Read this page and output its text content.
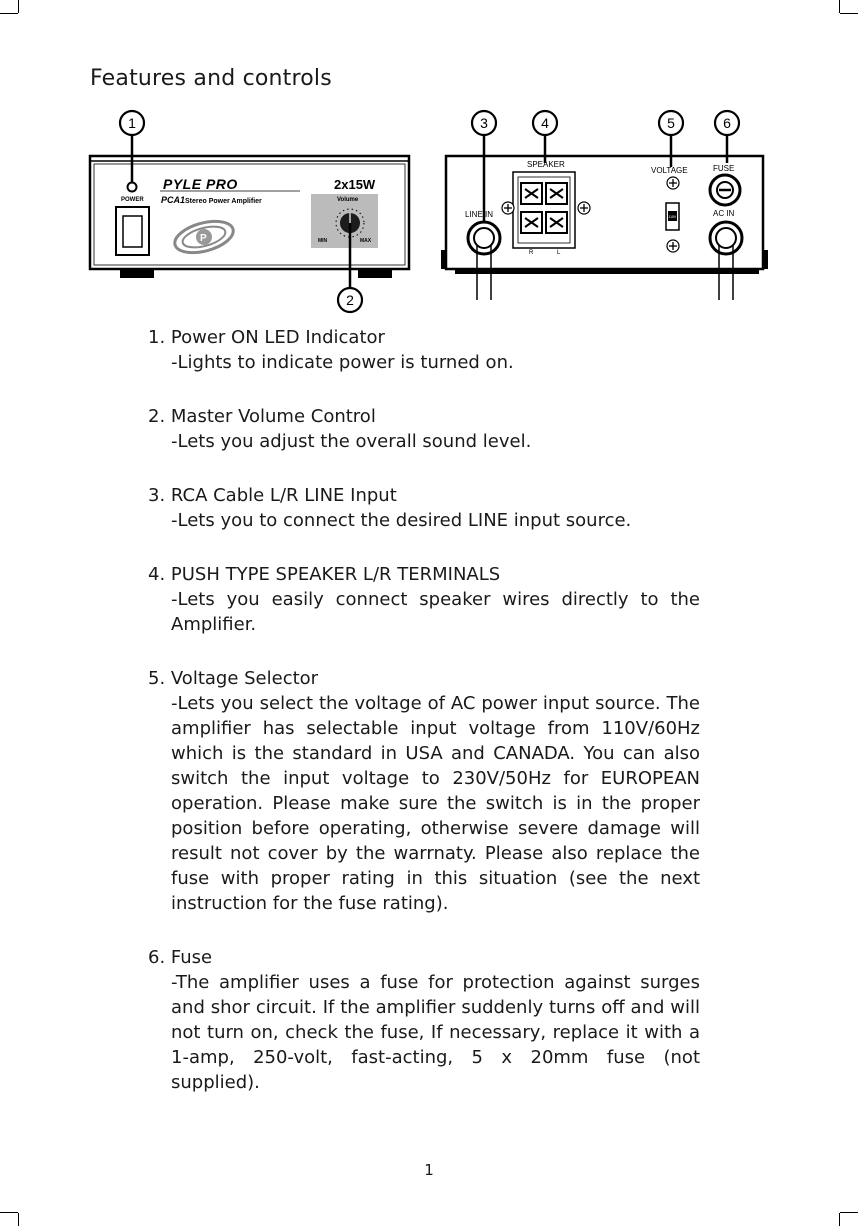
Features and controls
POWER
PYLE PRO
PCA1 Stereo Power Amplifier
P
2x15W
Volume
MIN	MAX
LINE IN
SPEAKER
R	L
VOLTAGE
115V
FUSE
AC IN
1
2
3	4	5	6
1. Power ON LED Indicator
-Lights to indicate power is turned on.
2. Master Volume Control
-Lets you adjust the overall sound level.
3. RCA Cable L/R LINE Input
-Lets you to connect the desired LINE input source.
4. PUSH TYPE SPEAKER L/R TERMINALS
-Lets you easily connect speaker wires directly to the Amplifier.
5. Voltage Selector
-Lets you select the voltage of AC power input source. The amplifier has selectable input voltage from 110V/60Hz which is the standard in USA and CANADA. You can also switch the input voltage to 230V/50Hz for EUROPEAN operation. Please make sure the switch is in the proper position before operating, otherwise severe damage will result not cover by the warrnaty. Please also replace the fuse with proper rating in this situation (see the next instruction for the fuse rating).
6. Fuse
-The amplifier uses a fuse for protection against surges and shor circuit. If the amplifier suddenly turns off and will not turn on, check the fuse, If necessary, replace it with a 1-amp, 250-volt, fast-acting, 5 x 20mm fuse (not supplied).
1
